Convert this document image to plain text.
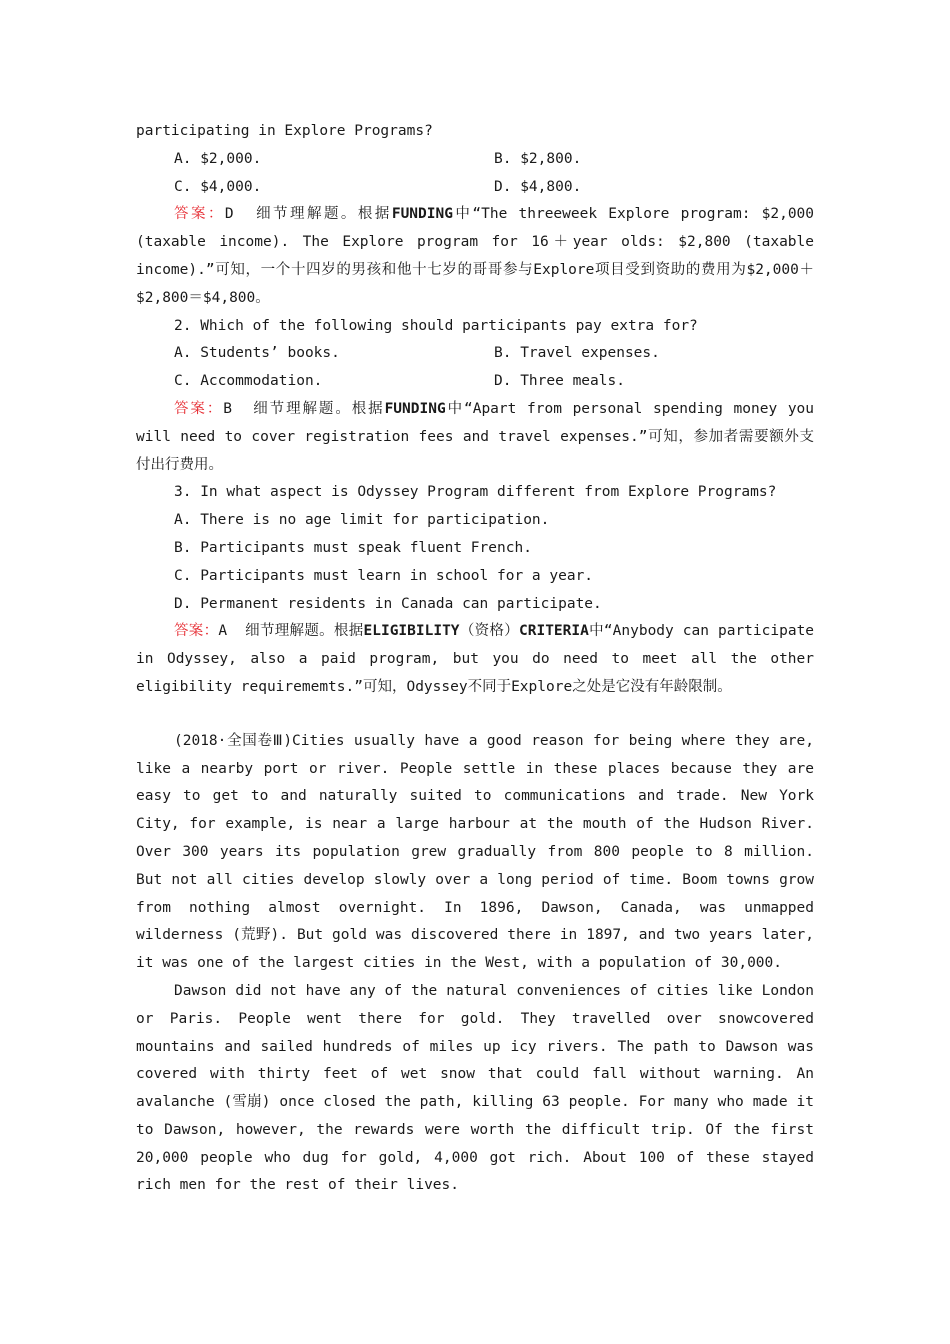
participating in Explore Programs?
A. $2,000.	B. $2,800.
C. $4,000.	D. $4,800.

答案：D 细节理解题。根据FUNDING中“The threeweek Explore program: $2,000 (taxable income). The Explore program for 16＋year olds: $2,800 (taxable income).”可知，一个十四岁的男孩和他十七岁的哥哥参与Explore项目受到资助的费用为$2,000＋$2,800＝$4,800。

2. Which of the following should participants pay extra for?
A. Students’ books.	B. Travel expenses.
C. Accommodation.	D. Three meals.

答案：B 细节理解题。根据FUNDING中“Apart from personal spending money you will need to cover registration fees and travel expenses.”可知，参加者需要额外支付出行费用。

3. In what aspect is Odyssey Program different from Explore Programs?
A. There is no age limit for participation.
B. Participants must speak fluent French.
C. Participants must learn in school for a year.
D. Permanent residents in Canada can participate.

答案：A 细节理解题。根据ELIGIBILITY（资格）CRITERIA中“Anybody can participate in Odyssey, also a paid program, but you do need to meet all the other eligibility requirememts.”可知，Odyssey不同于Explore之处是它没有年龄限制。

(2018·全国卷Ⅲ)Cities usually have a good reason for being where they are, like a nearby port or river. People settle in these places because they are easy to get to and naturally suited to communications and trade. New York City, for example, is near a large harbour at the mouth of the Hudson River. Over 300 years its population grew gradually from 800 people to 8 million. But not all cities develop slowly over a long period of time. Boom towns grow from nothing almost overnight. In 1896, Dawson, Canada, was unmapped wilderness (荒野). But gold was discovered there in 1897, and two years later, it was one of the largest cities in the West, with a population of 30,000.

Dawson did not have any of the natural conveniences of cities like London or Paris. People went there for gold. They travelled over snowcovered mountains and sailed hundreds of miles up icy rivers. The path to Dawson was covered with thirty feet of wet snow that could fall without warning. An avalanche (雪崩) once closed the path, killing 63 people. For many who made it to Dawson, however, the rewards were worth the difficult trip. Of the first 20,000 people who dug for gold, 4,000 got rich. About 100 of these stayed rich men for the rest of their lives.
